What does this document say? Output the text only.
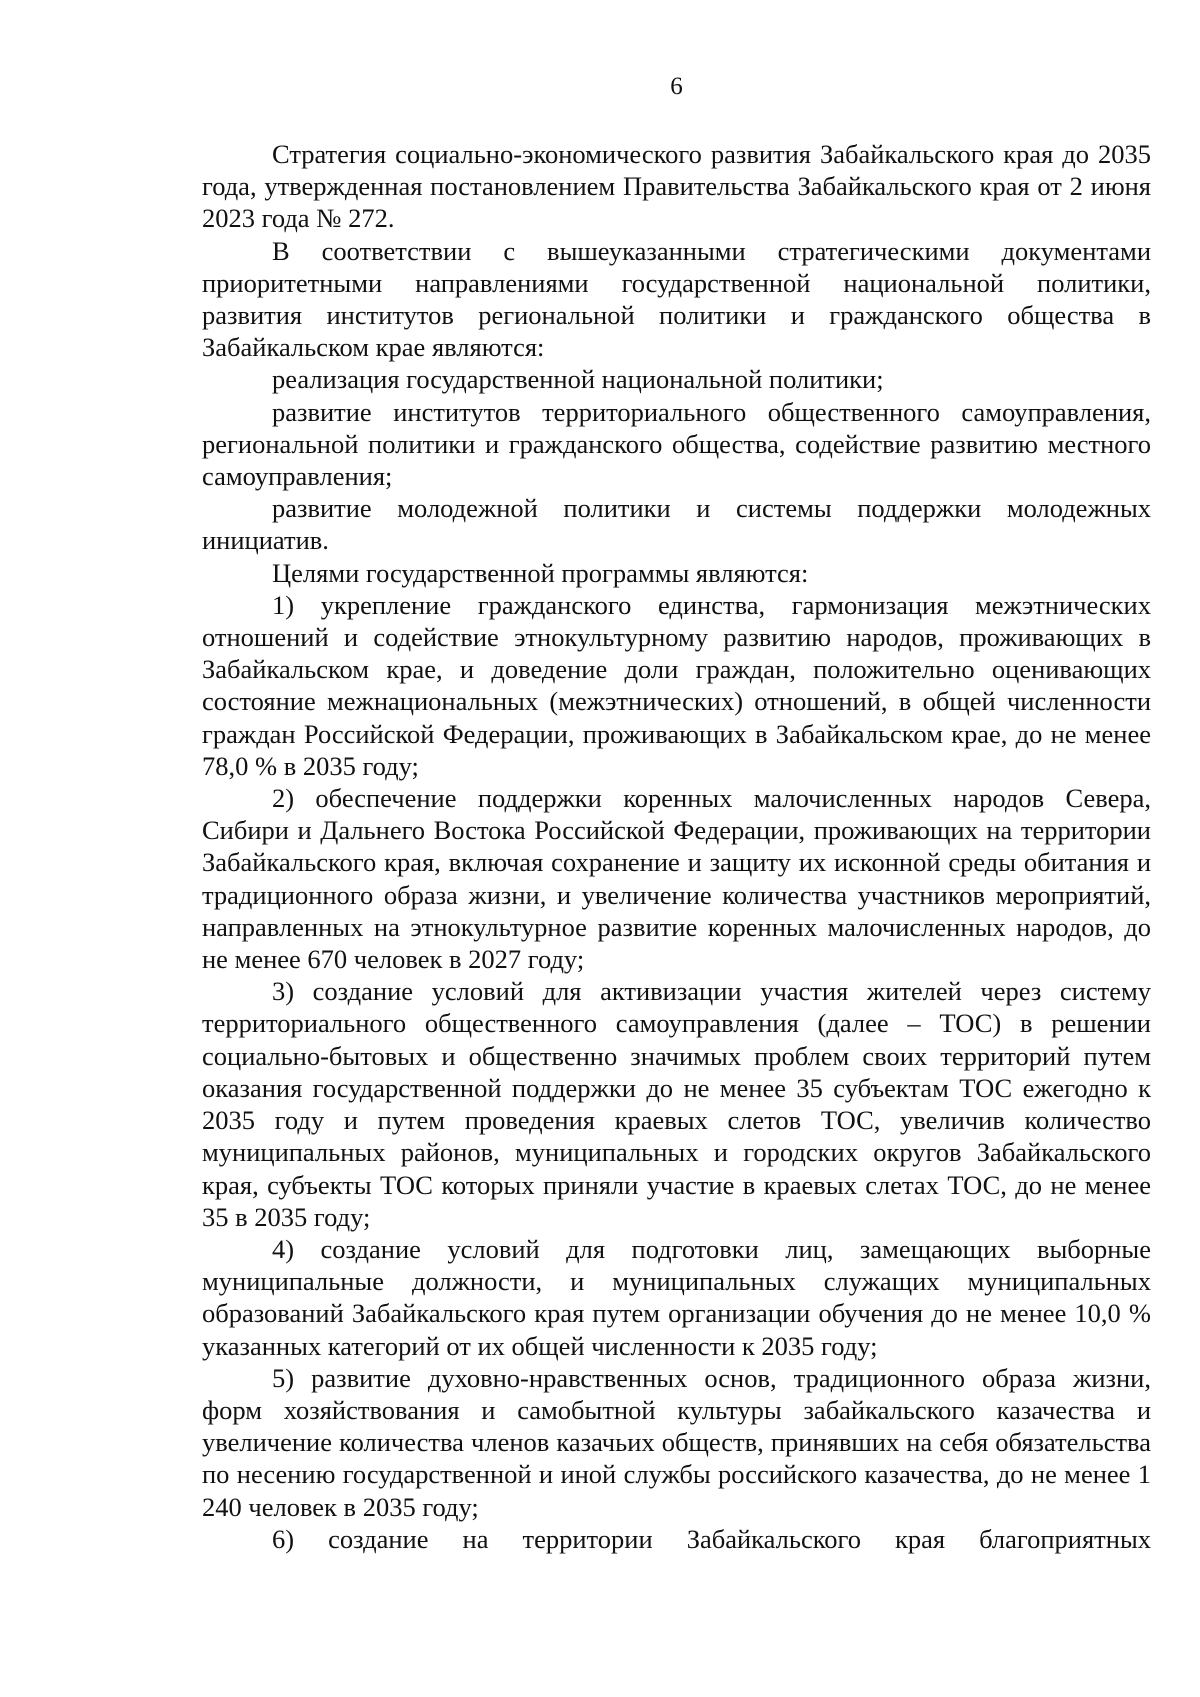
6

Стратегия социально-экономического развития Забайкальского края до 2035 года, утвержденная постановлением Правительства Забайкальского края от 2 июня 2023 года № 272.

В соответствии с вышеуказанными стратегическими документами приоритетными направлениями государственной национальной политики, развития институтов региональной политики и гражданского общества в Забайкальском крае являются:

реализация государственной национальной политики;

развитие институтов территориального общественного самоуправления, региональной политики и гражданского общества, содействие развитию местного самоуправления;

развитие молодежной политики и системы поддержки молодежных инициатив.

Целями государственной программы являются:

1) укрепление гражданского единства, гармонизация межэтнических отношений и содействие этнокультурному развитию народов, проживающих в Забайкальском крае, и доведение доли граждан, положительно оценивающих состояние межнациональных (межэтнических) отношений, в общей численности граждан Российской Федерации, проживающих в Забайкальском крае, до не менее 78,0 % в 2035 году;

2) обеспечение поддержки коренных малочисленных народов Севера, Сибири и Дальнего Востока Российской Федерации, проживающих на территории Забайкальского края, включая сохранение и защиту их исконной среды обитания и традиционного образа жизни, и увеличение количества участников мероприятий, направленных на этнокультурное развитие коренных малочисленных народов, до не менее 670 человек в 2027 году;

3) создание условий для активизации участия жителей через систему территориального общественного самоуправления (далее – ТОС) в решении социально-бытовых и общественно значимых проблем своих территорий путем оказания государственной поддержки до не менее 35 субъектам ТОС ежегодно к 2035 году и путем проведения краевых слетов ТОС, увеличив количество муниципальных районов, муниципальных и городских округов Забайкальского края, субъекты ТОС которых приняли участие в краевых слетах ТОС, до не менее 35 в 2035 году;

4) создание условий для подготовки лиц, замещающих выборные муниципальные должности, и муниципальных служащих муниципальных образований Забайкальского края путем организации обучения до не менее 10,0 % указанных категорий от их общей численности к 2035 году;

5) развитие духовно-нравственных основ, традиционного образа жизни, форм хозяйствования и самобытной культуры забайкальского казачества и увеличение количества членов казачьих обществ, принявших на себя обязательства по несению государственной и иной службы российского казачества, до не менее 1 240 человек в 2035 году;

6) создание на территории Забайкальского края благоприятных
